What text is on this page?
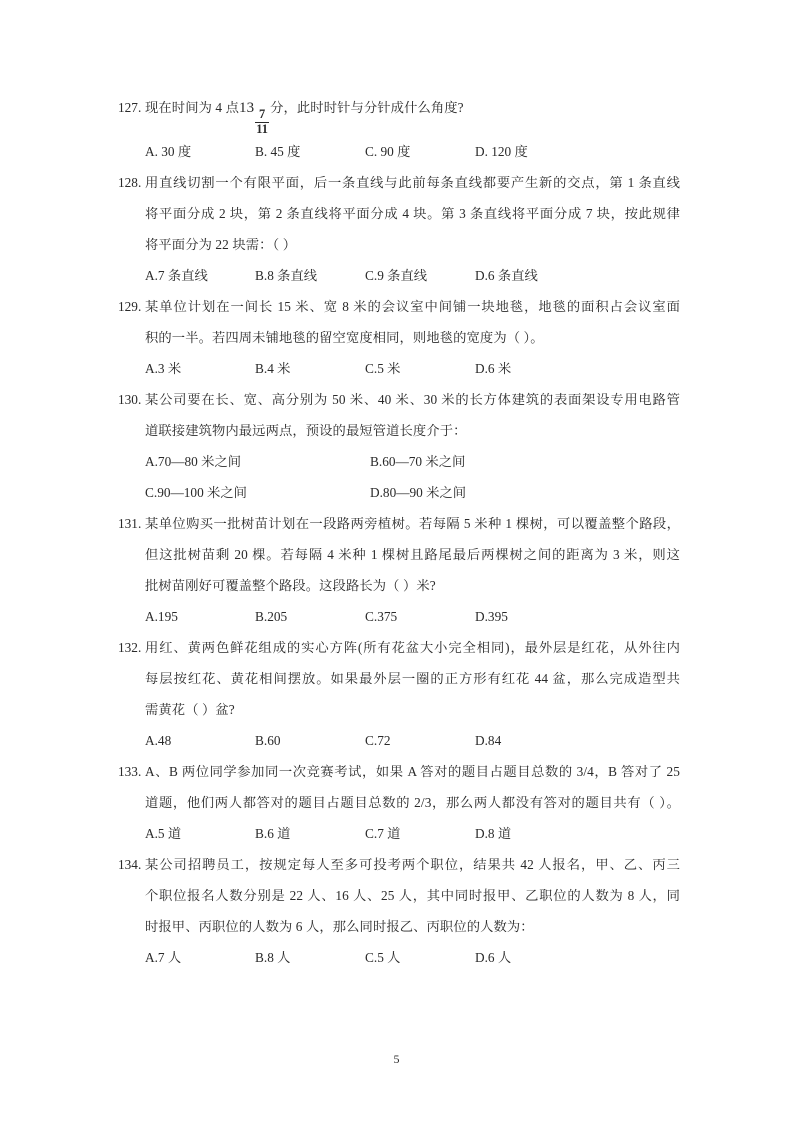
127. 现在时间为 4 点13
$\frac{7}{11}$
分，此时时针与分针成什么角度?
A. 30 度	B. 45 度	C. 90 度	D. 120 度
128. 用直线切割一个有限平面，后一条直线与此前每条直线都要产生新的交点，第 1 条直线
将平面分成 2 块，第 2 条直线将平面分成 4 块。第 3 条直线将平面分成 7 块，按此规律
将平面分为 22 块需：（ ）
A.7 条直线	B.8 条直线	C.9 条直线	D.6 条直线
129. 某单位计划在一间长 15 米、宽 8 米的会议室中间铺一块地毯，地毯的面积占会议室面
积的一半。若四周未铺地毯的留空宽度相同，则地毯的宽度为（ ）。
A.3 米	B.4 米	C.5 米	D.6 米
130. 某公司要在长、宽、高分别为 50 米、40 米、30 米的长方体建筑的表面架设专用电路管
道联接建筑物内最远两点，预设的最短管道长度介于：
A.70—80 米之间	B.60—70 米之间
C.90—100 米之间	D.80—90 米之间
131. 某单位购买一批树苗计划在一段路两旁植树。若每隔 5 米种 1 棵树，可以覆盖整个路段，
但这批树苗剩 20 棵。若每隔 4 米种 1 棵树且路尾最后两棵树之间的距离为 3 米，则这
批树苗刚好可覆盖整个路段。这段路长为（ ）米?
A.195	B.205	C.375	D.395
132. 用红、黄两色鲜花组成的实心方阵(所有花盆大小完全相同)，最外层是红花，从外往内
每层按红花、黄花相间摆放。如果最外层一圈的正方形有红花 44 盆，那么完成造型共
需黄花（ ）盆?
A.48	B.60	C.72	D.84
133. A、B 两位同学参加同一次竞赛考试，如果 A 答对的题目占题目总数的 3/4，B 答对了 25
道题，他们两人都答对的题目占题目总数的 2/3，那么两人都没有答对的题目共有（ ）。
A.5 道	B.6 道	C.7 道	D.8 道
134. 某公司招聘员工，按规定每人至多可投考两个职位，结果共 42 人报名，甲、乙、丙三
个职位报名人数分别是 22 人、16 人、25 人，其中同时报甲、乙职位的人数为 8 人，同
时报甲、丙职位的人数为 6 人，那么同时报乙、丙职位的人数为：
A.7 人	B.8 人	C.5 人	D.6 人
5
